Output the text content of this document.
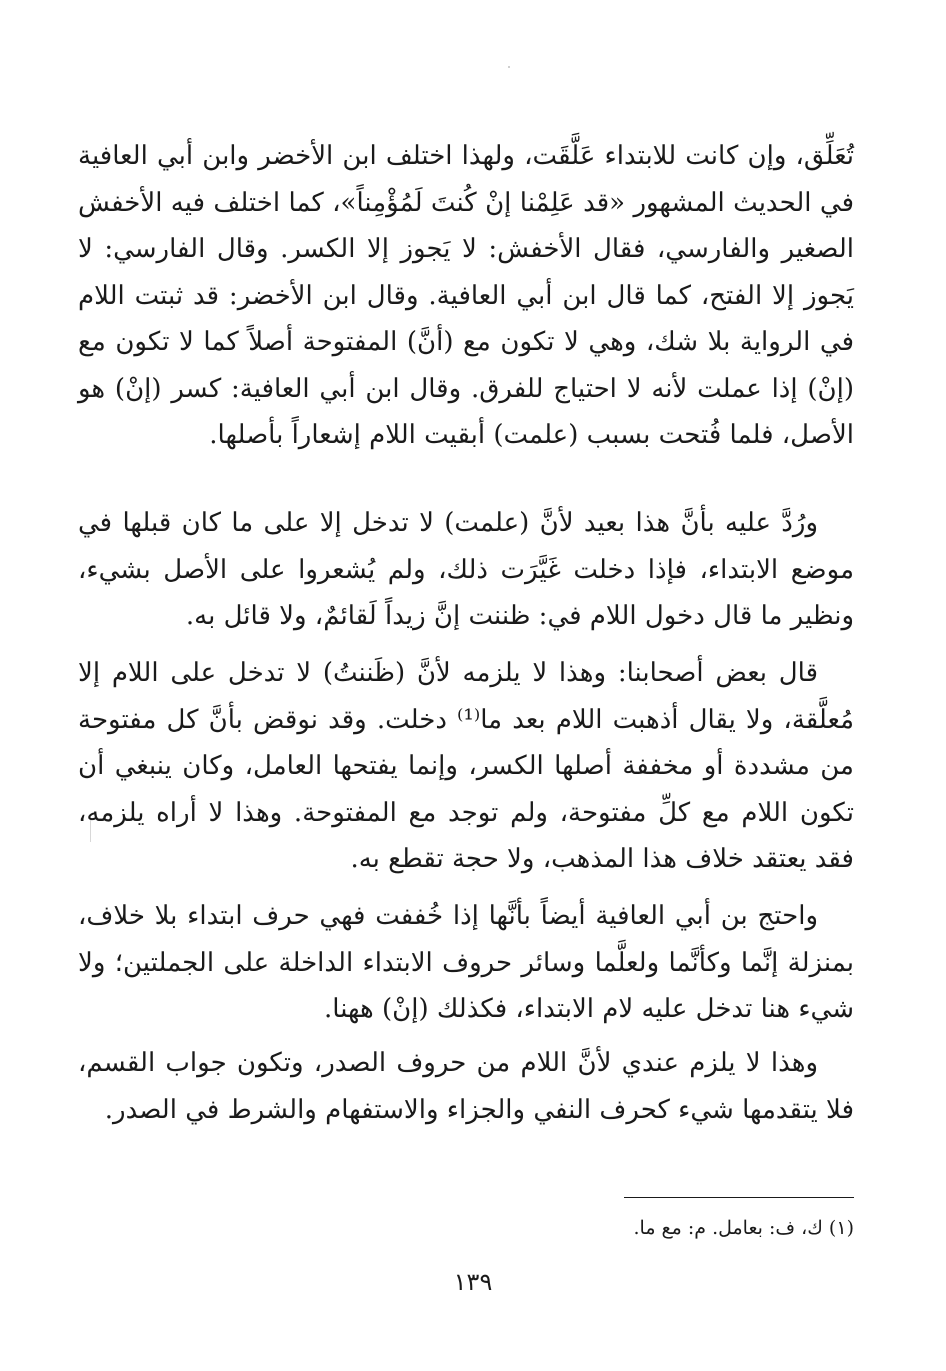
تُعَلِّق، وإن كانت للابتداء عَلَّقَت، ولهذا اختلف ابن الأخضر وابن أبي العافية في الحديث المشهور «قد عَلِمْنا إنْ كُنتَ لَمُؤْمِناً»، كما اختلف فيه الأخفش الصغير والفارسي، فقال الأخفش: لا يَجوز إلا الكسر. وقال الفارسي: لا يَجوز إلا الفتح، كما قال ابن أبي العافية. وقال ابن الأخضر: قد ثبتت اللام في الرواية بلا شك، وهي لا تكون مع (أنَّ) المفتوحة أصلاً كما لا تكون مع (إنْ) إذا عملت لأنه لا احتياج للفرق. وقال ابن أبي العافية: كسر (إنْ) هو الأصل، فلما فُتحت بسبب (علمت) أبقيت اللام إشعاراً بأصلها.

ورُدَّ عليه بأنَّ هذا بعيد لأنَّ (علمت) لا تدخل إلا على ما كان قبلها في موضع الابتداء، فإذا دخلت غَيَّرَت ذلك، ولم يُشعروا على الأصل بشيء، ونظير ما قال دخول اللام في: ظننت إنَّ زيداً لَقائمٌ، ولا قائل به.

قال بعض أصحابنا: وهذا لا يلزمه لأنَّ (ظَننتُ) لا تدخل على اللام إلا مُعلَّقة، ولا يقال أذهبت اللام بعد ما⁽¹⁾ دخلت. وقد نوقض بأنَّ كل مفتوحة من مشددة أو مخففة أصلها الكسر، وإنما يفتحها العامل، وكان ينبغي أن تكون اللام مع كلِّ مفتوحة، ولم توجد مع المفتوحة. وهذا لا أراه يلزمه، فقد يعتقد خلاف هذا المذهب، ولا حجة تقطع به.

واحتج بن أبي العافية أيضاً بأنَّها إذا خُففت فهي حرف ابتداء بلا خلاف، بمنزلة إنَّما وكأنَّما ولعلَّما وسائر حروف الابتداء الداخلة على الجملتين؛ ولا شيء هنا تدخل عليه لام الابتداء، فكذلك (إنْ) ههنا.

وهذا لا يلزم عندي لأنَّ اللام من حروف الصدر، وتكون جواب القسم، فلا يتقدمها شيء كحرف النفي والجزاء والاستفهام والشرط في الصدر.

(١) ك، ف: بعامل. م: مع ما.

١٣٩
